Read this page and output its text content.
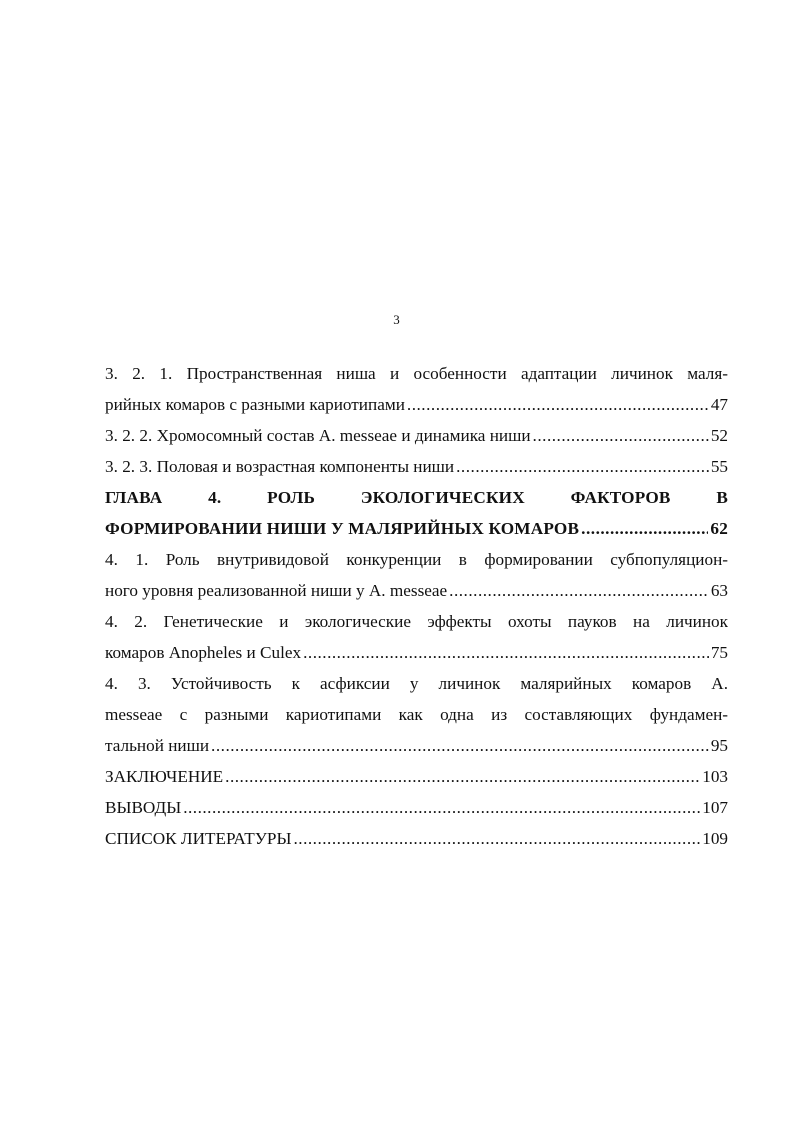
3
3. 2. 1. Пространственная ниша и особенности адаптации личинок маля-
рийных комаров с разными кариотипами .....	47
3. 2. 2. Хромосомный состав A. messeae и динамика ниши .....	52
3. 2. 3. Половая и возрастная компоненты ниши .....	55
ГЛАВА 4. РОЛЬ ЭКОЛОГИЧЕСКИХ ФАКТОРОВ В
ФОРМИРОВАНИИ НИШИ У МАЛЯРИЙНЫХ КОМАРОВ .....	62
4. 1. Роль внутривидовой конкуренции в формировании субпопуляцион-
ного уровня реализованной ниши у A. messeae .....	63
4. 2. Генетические и экологические эффекты охоты пауков на личинок
комаров Anopheles и Culex .....	75
4. 3. Устойчивость к асфиксии у личинок малярийных комаров A.
messeae с разными кариотипами как одна из составляющих фундамен-
тальной ниши .....	95
ЗАКЛЮЧЕНИЕ .....	103
ВЫВОДЫ .....	107
СПИСОК ЛИТЕРАТУРЫ .....	109
